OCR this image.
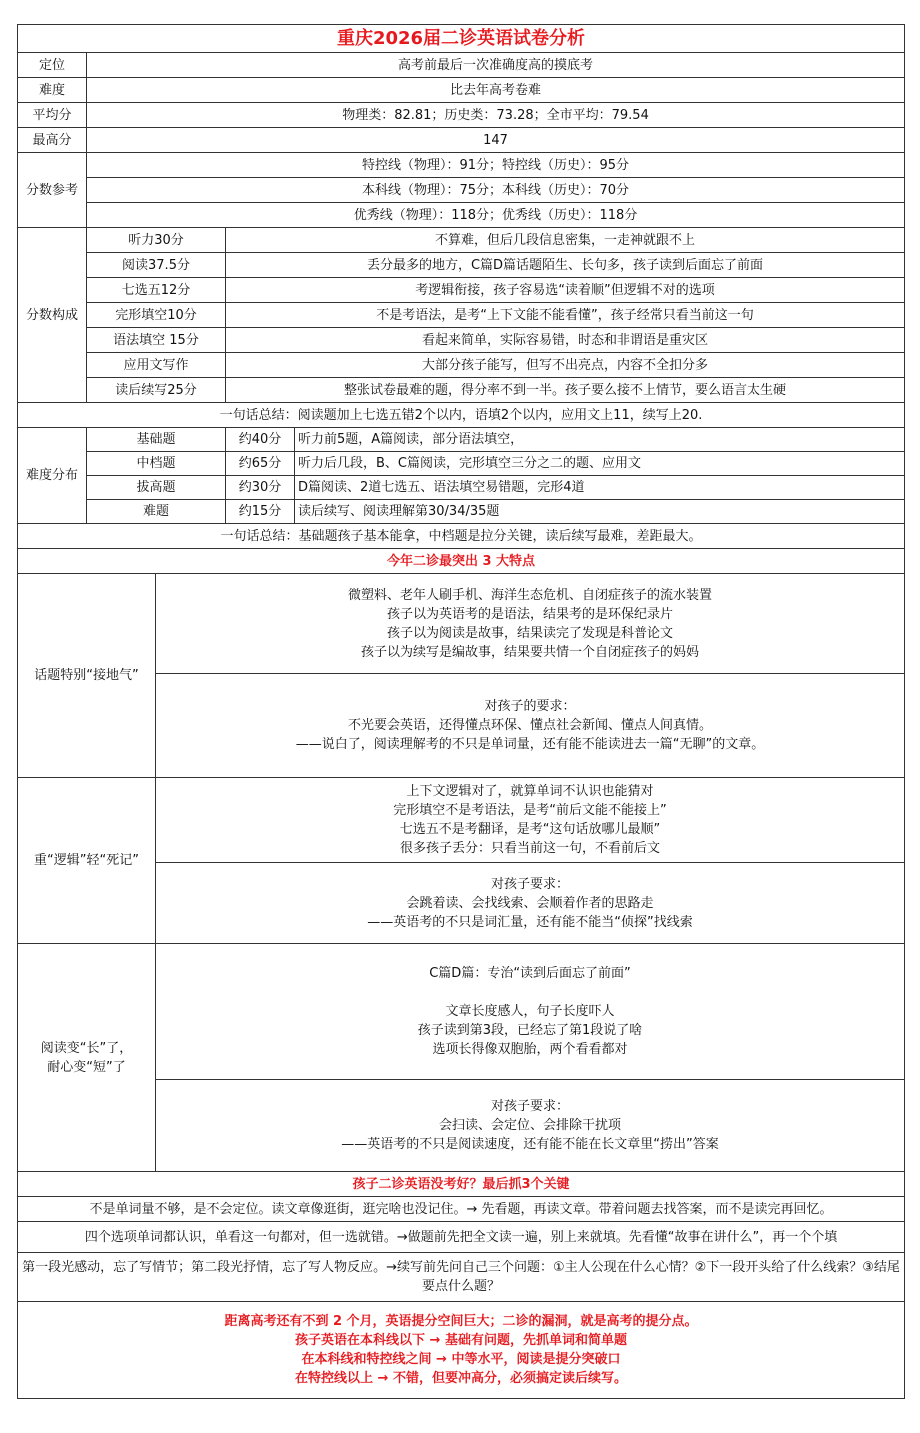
重庆2026届二诊英语试卷分析				
定位	高考前最后一次准确度高的摸底考			
难度	比去年高考卷难			
平均分	物理类：82.81；历史类：73.28；全市平均：79.54			
最高分	147			
分数参考	特控线（物理）：91分；特控线（历史）：95分			
	本科线（物理）：75分；本科线（历史）：70分			
	优秀线（物理）：118分；优秀线（历史）：118分			
分数构成	听力30分		不算难，但后几段信息密集，一走神就跟不上	
	阅读37.5分		丢分最多的地方，C篇D篇话题陌生、长句多，孩子读到后面忘了前面	
	七选五12分		考逻辑衔接，孩子容易选“读着顺”但逻辑不对的选项	
	完形填空10分		不是考语法，是考“上下文能不能看懂”，孩子经常只看当前这一句	
	语法填空 15分		看起来简单，实际容易错，时态和非谓语是重灾区	
	应用文写作		大部分孩子能写，但写不出亮点，内容不全扣分多	
	读后续写25分		整张试卷最难的题，得分率不到一半。孩子要么接不上情节，要么语言太生硬	
一句话总结：阅读题加上七选五错2个以内，语填2个以内，应用文上11，续写上20.				
难度分布	基础题		约40分	听力前5题，A篇阅读，部分语法填空，
	中档题		约65分	听力后几段，B、C篇阅读，完形填空三分之二的题、应用文
	拔高题		约30分	D篇阅读、2道七选五、语法填空易错题，完形4道
	难题		约15分	读后续写、阅读理解第30/34/35题
一句话总结：基础题孩子基本能拿，中档题是拉分关键，读后续写最难，差距最大。				
今年二诊最突出 3 大特点				
话题特别“接地气”		微塑料、老年人刷手机、海洋生态危机、自闭症孩子的流水装置
孩子以为英语考的是语法，结果考的是环保纪录片
孩子以为阅读是故事，结果读完了发现是科普论文
孩子以为续写是编故事，结果要共情一个自闭症孩子的妈妈		

		对孩子的要求：
不光要会英语，还得懂点环保、懂点社会新闻、懂点人间真情。
——说白了，阅读理解考的不只是单词量，还有能不能读进去一篇“无聊”的文章。		

重“逻辑”轻“死记”		上下文逻辑对了，就算单词不认识也能猜对
完形填空不是考语法，是考“前后文能不能接上”
七选五不是考翻译，是考“这句话放哪儿最顺”
很多孩子丢分：只看当前这一句，不看前后文		

		对孩子要求：
会跳着读、会找线索、会顺着作者的思路走
——英语考的不只是词汇量，还有能不能当“侦探”找线索		

阅读变“长”了，
耐心变“短”了		C篇D篇：专治“读到后面忘了前面”

文章长度感人，句子长度吓人
孩子读到第3段，已经忘了第1段说了啥
选项长得像双胞胎，两个看看都对		

		对孩子要求：
会扫读、会定位、会排除干扰项
——英语考的不只是阅读速度，还有能不能在长文章里“捞出”答案		

孩子二诊英语没考好？最后抓3个关键				
不是单词量不够，是不会定位。读文章像逛街，逛完啥也没记住。→ 先看题，再读文章。带着问题去找答案，而不是读完再回忆。				
四个选项单词都认识，单看这一句都对，但一选就错。→做题前先把全文读一遍，别上来就填。先看懂“故事在讲什么”，再一个个填				
第一段光感动，忘了写情节；第二段光抒情，忘了写人物反应。→续写前先问自己三个问题：①主人公现在什么心情？②下一段开头给了什么线索？③结尾要点什么题？				

距离高考还有不到 2 个月，英语提分空间巨大；二诊的漏洞，就是高考的提分点。
孩子英语在本科线以下 → 基础有问题，先抓单词和简单题
在本科线和特控线之间 → 中等水平，阅读是提分突破口
在特控线以上 → 不错，但要冲高分，必须搞定读后续写。				
